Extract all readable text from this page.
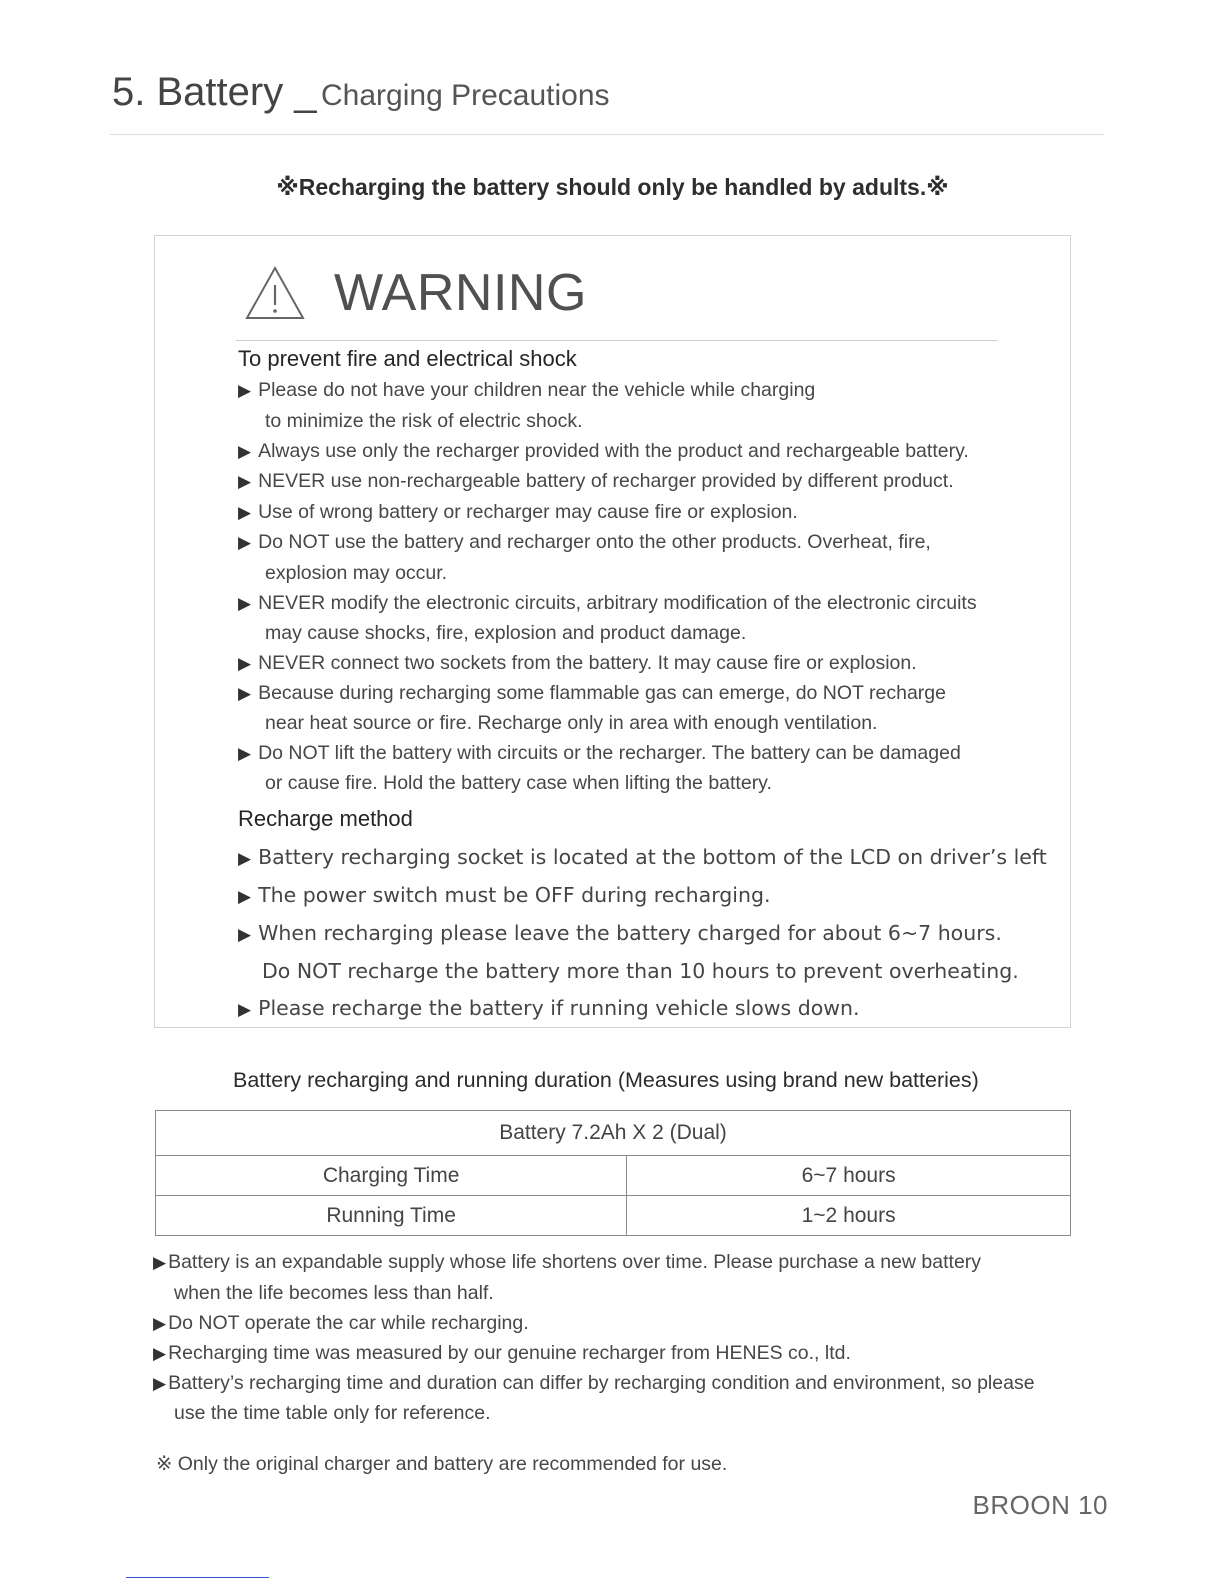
5. Battery _ Charging Precautions
※Recharging the battery should only be handled by adults.※
WARNING
To prevent fire and electrical shock
▶ Please do not have your children near the vehicle while charging
to minimize the risk of electric shock.
▶ Always use only the recharger provided with the product and rechargeable battery.
▶ NEVER use non-rechargeable battery of recharger provided by different product.
▶ Use of wrong battery or recharger may cause fire or explosion.
▶ Do NOT use the battery and recharger onto the other products. Overheat, fire,
explosion may occur.
▶ NEVER modify the electronic circuits, arbitrary modification of the electronic circuits
may cause shocks, fire, explosion and product damage.
▶ NEVER connect two sockets from the battery. It may cause fire or explosion.
▶ Because during recharging some flammable gas can emerge, do NOT recharge
near heat source or fire. Recharge only in area with enough ventilation.
▶ Do NOT lift the battery with circuits or the recharger. The battery can be damaged
or cause fire. Hold the battery case when lifting the battery.
Recharge method
▶ Battery recharging socket is located at the bottom of the LCD on driver’s left
▶ The power switch must be OFF during recharging.
▶ When recharging please leave the battery charged for about 6~7 hours.
Do NOT recharge the battery more than 10 hours to prevent overheating.
▶ Please recharge the battery if running vehicle slows down.
Battery recharging and running duration (Measures using brand new batteries)
Battery 7.2Ah X 2 (Dual)	
Charging Time	6~7 hours
Running Time	1~2 hours
▶ Battery is an expandable supply whose life shortens over time. Please purchase a new battery
when the life becomes less than half.
▶ Do NOT operate the car while recharging.
▶ Recharging time was measured by our genuine recharger from HENES co., ltd.
▶ Battery’s recharging time and duration can differ by recharging condition and environment, so please
use the time table only for reference.
※ Only the original charger and battery are recommended for use.
BROON 10
